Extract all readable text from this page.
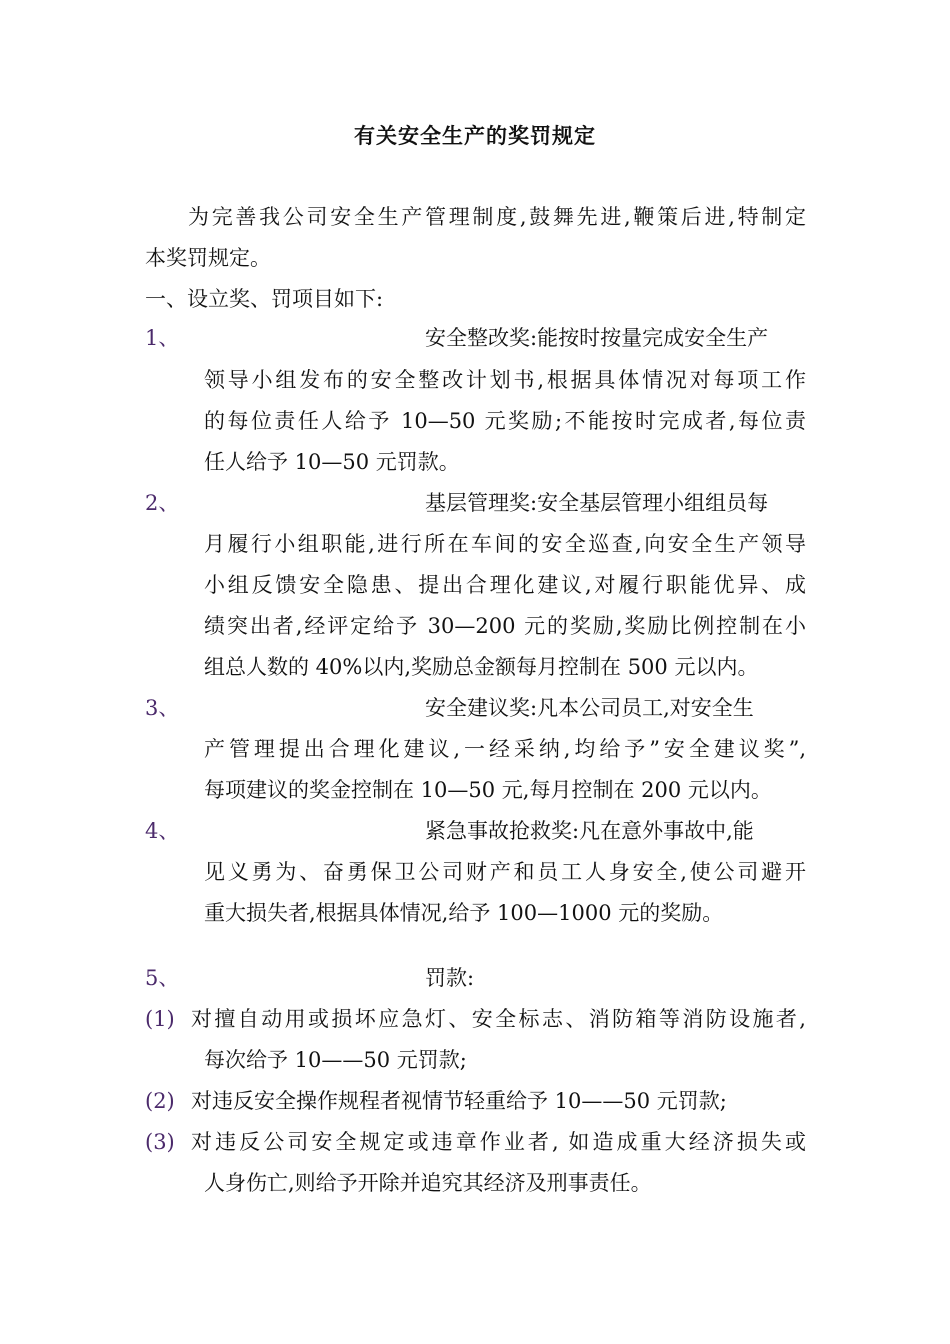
有关安全生产的奖罚规定
为完善我公司安全生产管理制度,鼓舞先进,鞭策后进,特制定
本奖罚规定。
一、设立奖、罚项目如下:
1、	安全整改奖:能按时按量完成安全生产
领导小组发布的安全整改计划书,根据具体情况对每项工作
的每位责任人给予 10—50 元奖励;不能按时完成者,每位责
任人给予 10—50 元罚款。
2、	基层管理奖:安全基层管理小组组员每
月履行小组职能,进行所在车间的安全巡查,向安全生产领导
小组反馈安全隐患、提出合理化建议,对履行职能优异、成
绩突出者,经评定给予 30—200 元的奖励,奖励比例控制在小
组总人数的 40%以内,奖励总金额每月控制在 500 元以内。
3、	安全建议奖:凡本公司员工,对安全生
产管理提出合理化建议,一经采纳,均给予”安全建议奖”,
每项建议的奖金控制在 10—50 元,每月控制在 200 元以内。
4、	紧急事故抢救奖:凡在意外事故中,能
见义勇为、奋勇保卫公司财产和员工人身安全,使公司避开
重大损失者,根据具体情况,给予 100—1000 元的奖励。
5、	罚款:
(1) 对擅自动用或损坏应急灯、安全标志、消防箱等消防设施者,
每次给予 10——50 元罚款;
(2) 对违反安全操作规程者视情节轻重给予 10——50 元罚款;
(3) 对违反公司安全规定或违章作业者, 如造成重大经济损失或
人身伤亡,则给予开除并追究其经济及刑事责任。
